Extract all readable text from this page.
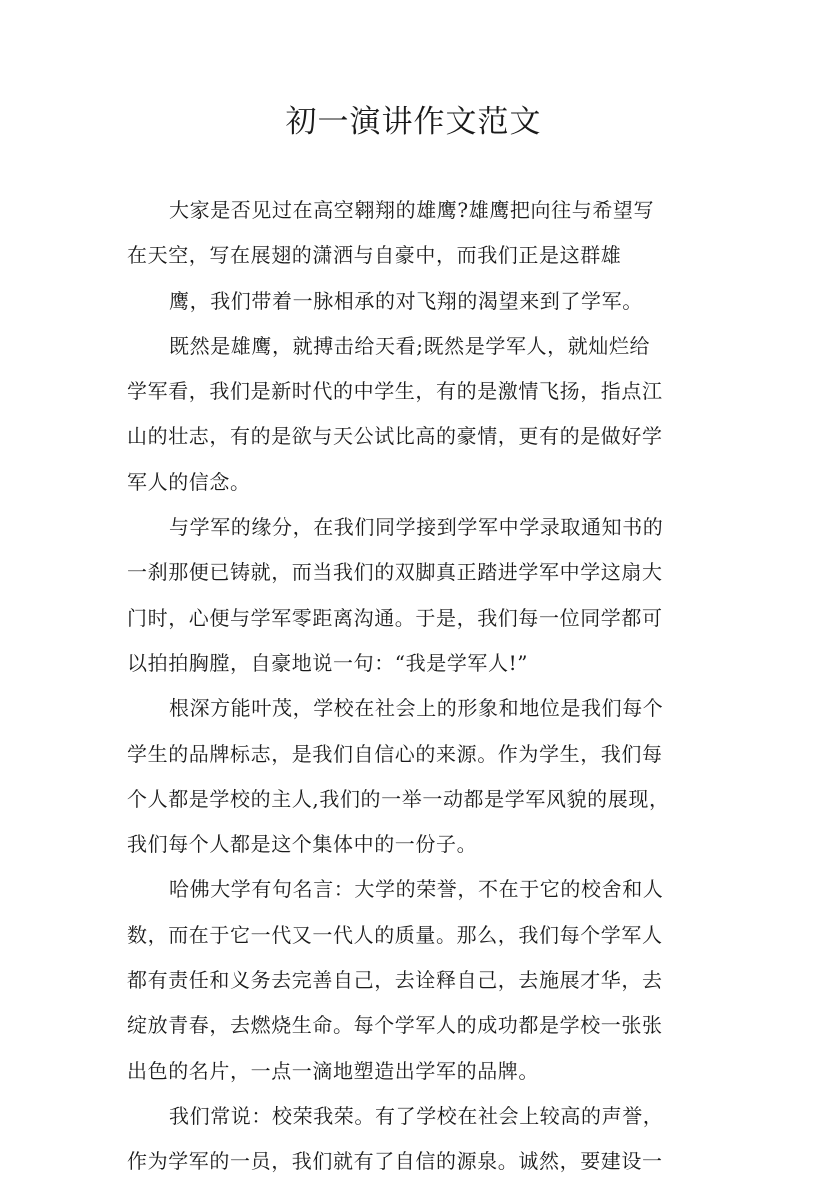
初一演讲作文范文
大家是否见过在高空翱翔的雄鹰?雄鹰把向往与希望写
在天空，写在展翅的潇洒与自豪中，而我们正是这群雄
鹰，我们带着一脉相承的对飞翔的渴望来到了学军。
既然是雄鹰，就搏击给天看;既然是学军人，就灿烂给
学军看，我们是新时代的中学生，有的是激情飞扬，指点江
山的壮志，有的是欲与天公试比高的豪情，更有的是做好学
军人的信念。
与学军的缘分，在我们同学接到学军中学录取通知书的
一刹那便已铸就，而当我们的双脚真正踏进学军中学这扇大
门时，心便与学军零距离沟通。于是，我们每一位同学都可
以拍拍胸膛，自豪地说一句：“我是学军人!”
根深方能叶茂，学校在社会上的形象和地位是我们每个
学生的品牌标志，是我们自信心的来源。作为学生，我们每
个人都是学校的主人,我们的一举一动都是学军风貌的展现，
我们每个人都是这个集体中的一份子。
哈佛大学有句名言：大学的荣誉，不在于它的校舍和人
数，而在于它一代又一代人的质量。那么，我们每个学军人
都有责任和义务去完善自己，去诠释自己，去施展才华，去
绽放青春，去燃烧生命。每个学军人的成功都是学校一张张
出色的名片，一点一滴地塑造出学军的品牌。
我们常说：校荣我荣。有了学校在社会上较高的声誉，
作为学军的一员，我们就有了自信的源泉。诚然，要建设一
